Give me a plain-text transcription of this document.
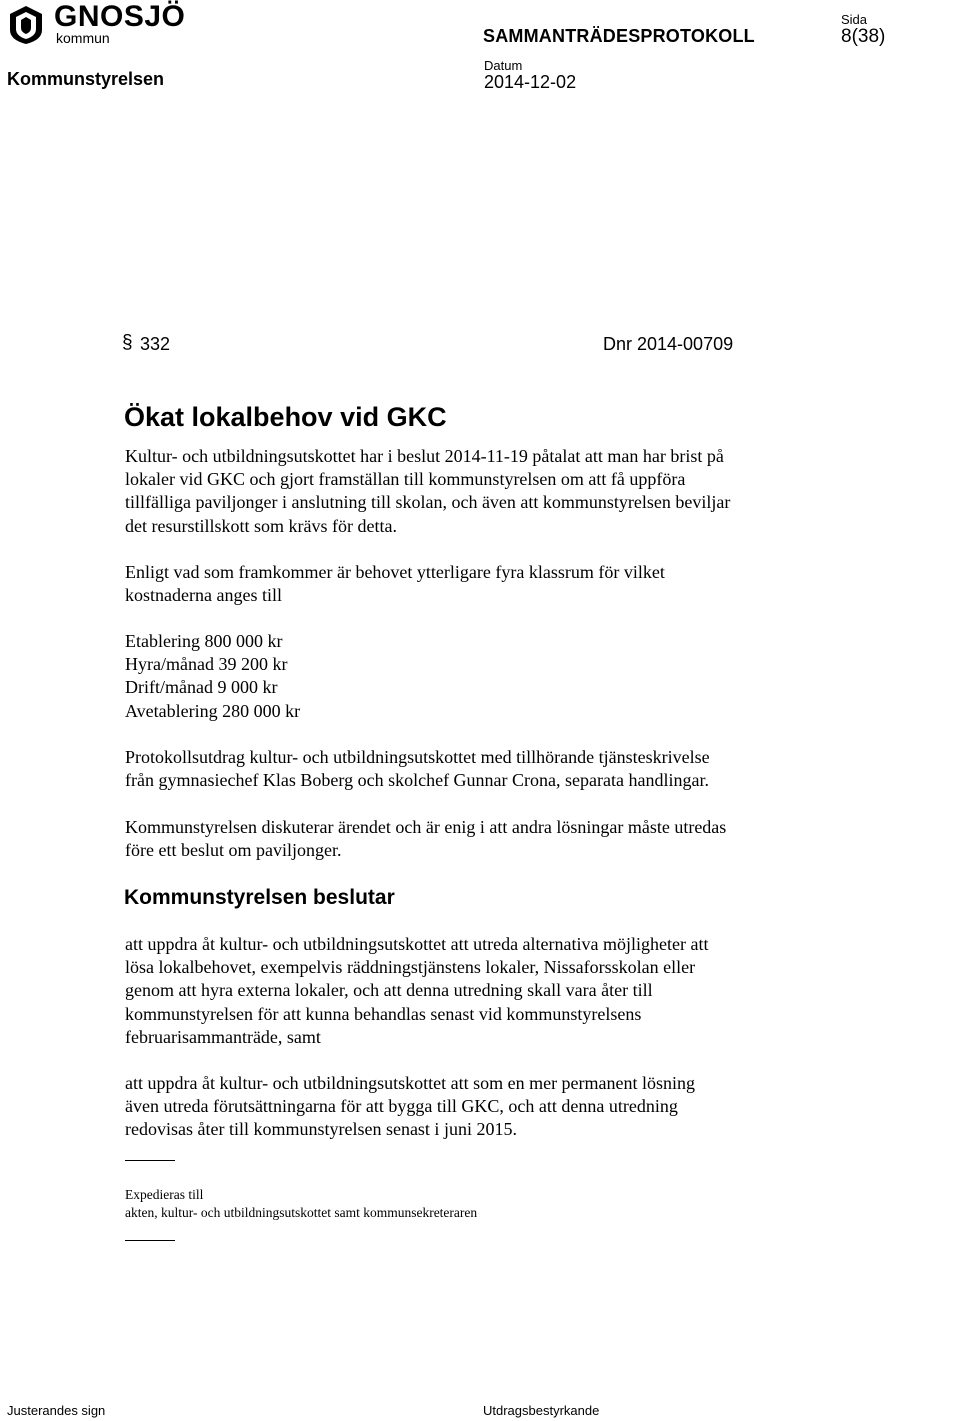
GNOSJÖ
kommun
Sida
8(38)
SAMMANTRÄDESPROTOKOLL
Kommunstyrelsen
Datum
2014-12-02
§ 332	Dnr 2014-00709
Ökat lokalbehov vid GKC
Kultur- och utbildningsutskottet har i beslut 2014-11-19 påtalat att man har brist på
lokaler vid GKC och gjort framställan till kommunstyrelsen om att få uppföra
tillfälliga paviljonger i anslutning till skolan, och även att kommunstyrelsen beviljar
det resurstillskott som krävs för detta.
Enligt vad som framkommer är behovet ytterligare fyra klassrum för vilket
kostnaderna anges till
Etablering 800 000 kr
Hyra/månad 39 200 kr
Drift/månad 9 000 kr
Avetablering 280 000 kr
Protokollsutdrag kultur- och utbildningsutskottet med tillhörande tjänsteskrivelse
från gymnasiechef Klas Boberg och skolchef Gunnar Crona, separata handlingar.
Kommunstyrelsen diskuterar ärendet och är enig i att andra lösningar måste utredas
före ett beslut om paviljonger.
Kommunstyrelsen beslutar
att uppdra åt kultur- och utbildningsutskottet att utreda alternativa möjligheter att
lösa lokalbehovet, exempelvis räddningstjänstens lokaler, Nissaforsskolan eller
genom att hyra externa lokaler, och att denna utredning skall vara åter till
kommunstyrelsen för att kunna behandlas senast vid kommunstyrelsens
februarisammanträde, samt
att uppdra åt kultur- och utbildningsutskottet att som en mer permanent lösning
även utreda förutsättningarna för att bygga till GKC, och att denna utredning
redovisas åter till kommunstyrelsen senast i juni 2015.
Expedieras till
akten, kultur- och utbildningsutskottet samt kommunsekreteraren
Justerandes sign	Utdragsbestyrkande
